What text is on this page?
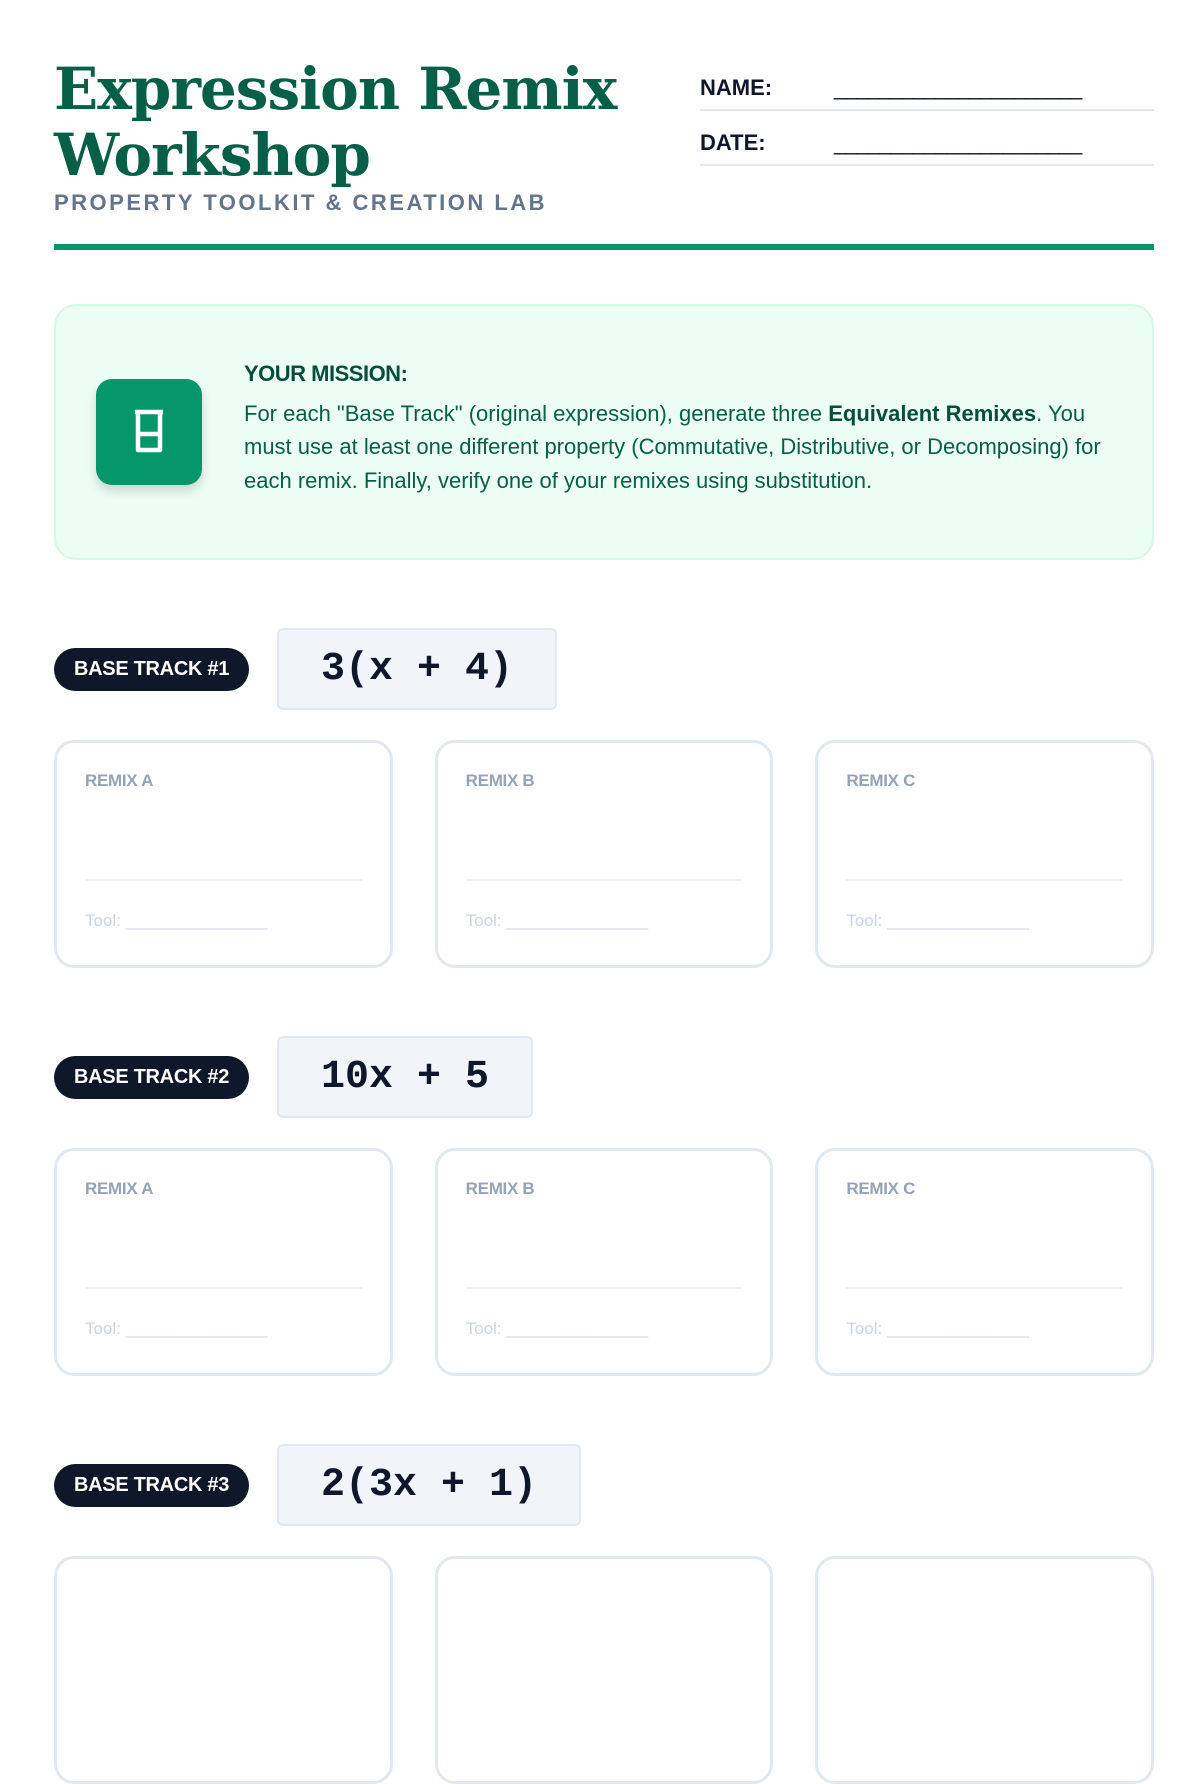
Expression Remix
Workshop
PROPERTY TOOLKIT & CREATION LAB
NAME:	______________________
DATE:	______________________
YOUR MISSION:
For each "Base Track" (original expression), generate three Equivalent Remixes. You must use at least one different property (Commutative, Distributive, or Decomposing) for each remix. Finally, verify one of your remixes using substitution.
BASE TRACK #1	3(x + 4)
REMIX A
Tool: _______________
REMIX B
Tool: _______________
REMIX C
Tool: _______________
BASE TRACK #2	10x + 5
REMIX A
Tool: _______________
REMIX B
Tool: _______________
REMIX C
Tool: _______________
BASE TRACK #3	2(3x + 1)
